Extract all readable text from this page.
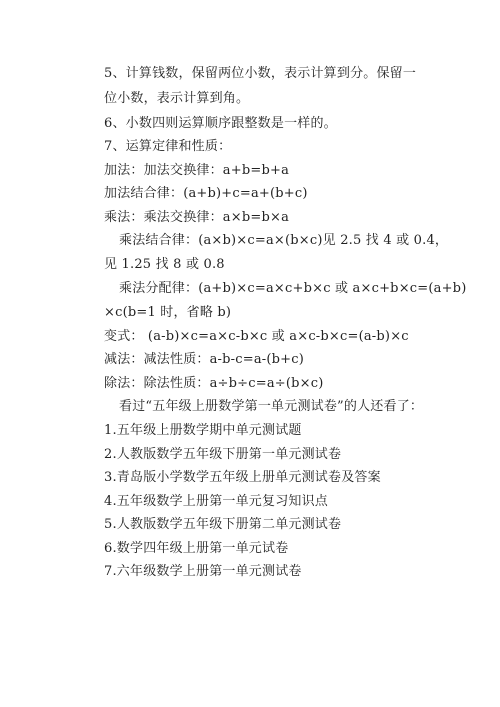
5、计算钱数，保留两位小数，表示计算到分。保留一
位小数，表示计算到角。
6、小数四则运算顺序跟整数是一样的。
7、运算定律和性质：
加法：加法交换律：a+b=b+a
加法结合律：(a+b)+c=a+(b+c)
乘法：乘法交换律：a×b=b×a
乘法结合律：(a×b)×c=a×(b×c)见 2.5 找 4 或 0.4，
见 1.25 找 8 或 0.8
乘法分配律：(a+b)×c=a×c+b×c 或 a×c+b×c=(a+b)
×c(b=1 时，省略 b)
变式： (a-b)×c=a×c-b×c 或 a×c-b×c=(a-b)×c
减法：减法性质：a-b-c=a-(b+c)
除法：除法性质：a÷b÷c=a÷(b×c)
看过“五年级上册数学第一单元测试卷”的人还看了：
1.五年级上册数学期中单元测试题
2.人教版数学五年级下册第一单元测试卷
3.青岛版小学数学五年级上册单元测试卷及答案
4.五年级数学上册第一单元复习知识点
5.人教版数学五年级下册第二单元测试卷
6.数学四年级上册第一单元试卷
7.六年级数学上册第一单元测试卷
